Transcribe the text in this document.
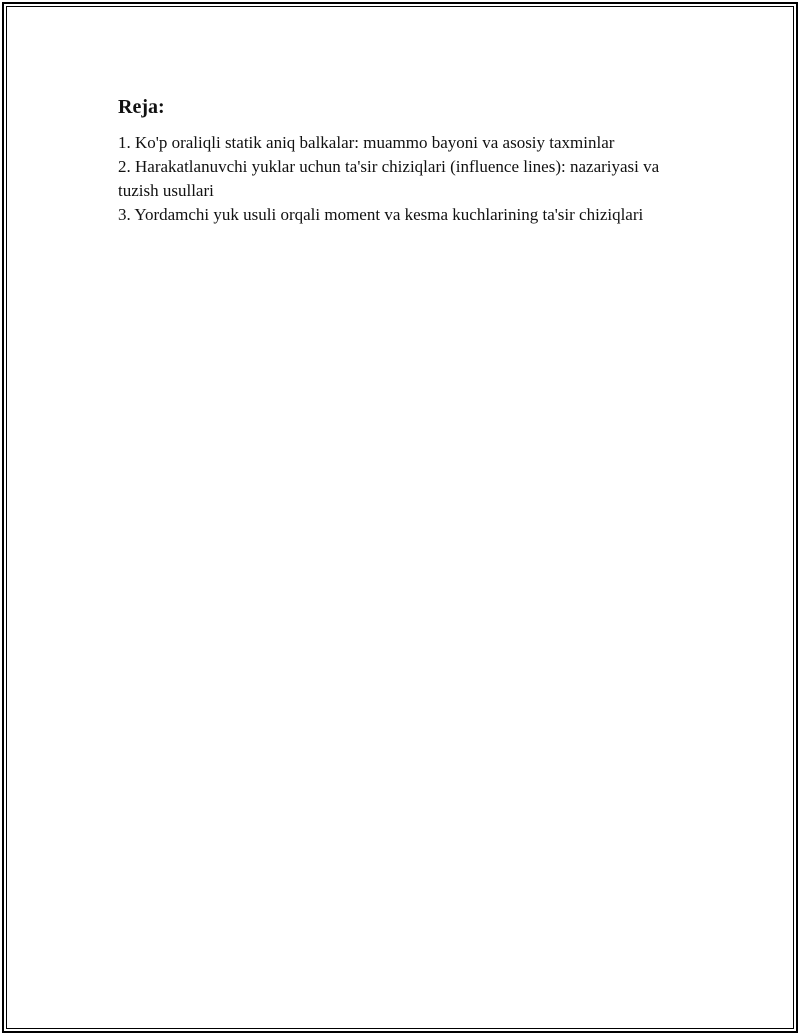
Reja:
1. Ko'p oraliqli statik aniq balkalar: muammo bayoni va asosiy taxminlar
2. Harakatlanuvchi yuklar uchun ta'sir chiziqlari (influence lines): nazariyasi va tuzish usullari
3. Yordamchi yuk usuli orqali moment va kesma kuchlarining ta'sir chiziqlari
